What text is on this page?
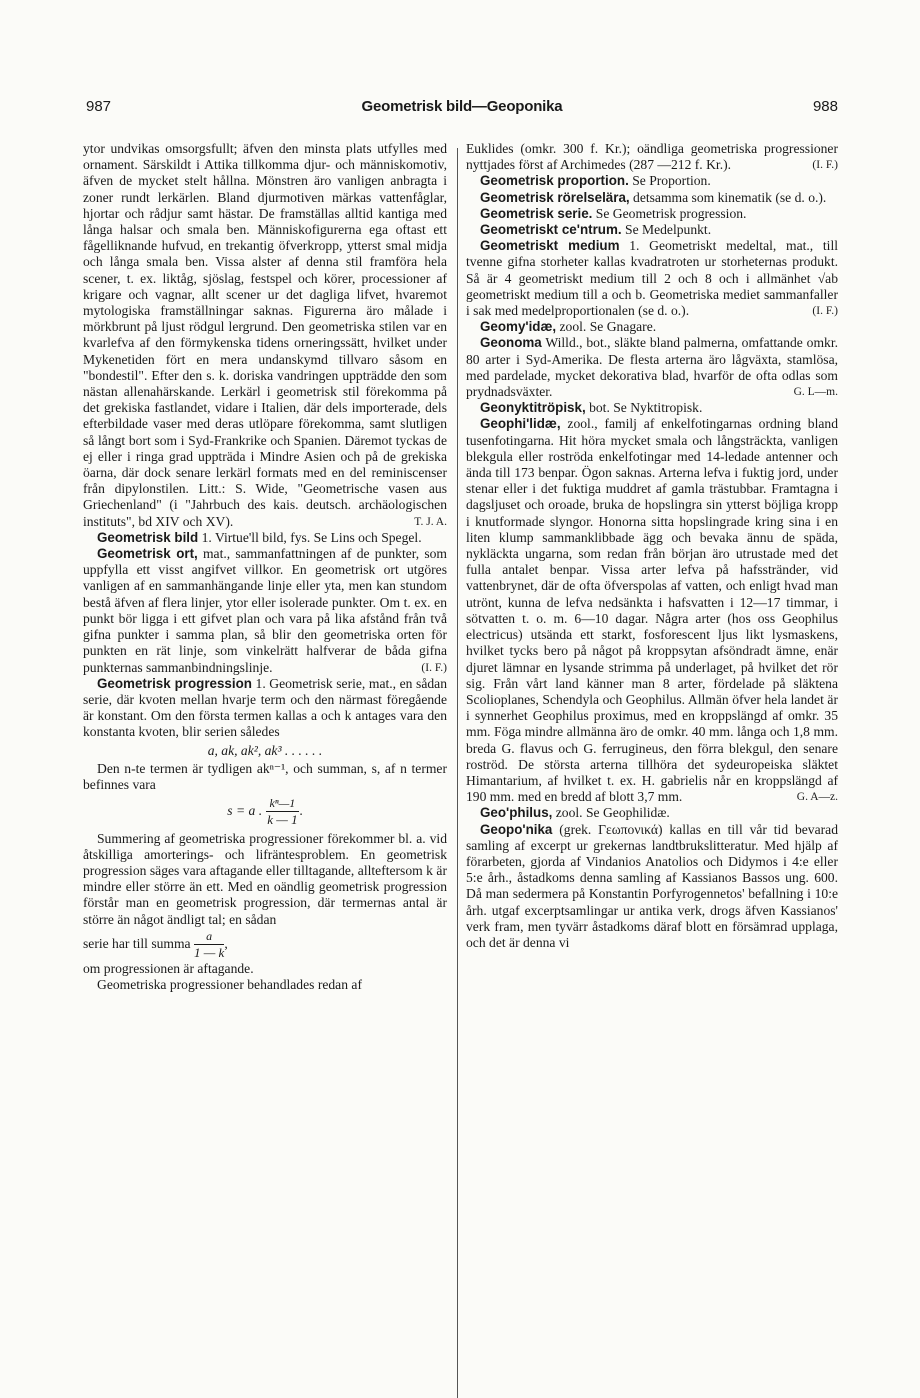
987	Geometrisk bild—Geoponika	988

ytor undvikas omsorgsfullt; äfven den minsta plats utfylles med ornament. Särskildt i Attika tillkomma djur- och människomotiv, äfven de mycket stelt hållna. Mönstren äro vanligen anbragta i zoner rundt lerkärlen. Bland djurmotiven märkas vattenfåglar, hjortar och rådjur samt hästar. De framställas alltid kantiga med långa halsar och smala ben. Människofigurerna ega oftast ett fågelliknande hufvud, en trekantig öfverkropp, ytterst smal midja och långa smala ben. Vissa alster af denna stil framföra hela scener, t. ex. liktåg, sjöslag, festspel och körer, processioner af krigare och vagnar, allt scener ur det dagliga lifvet, hvaremot mytologiska framställningar saknas. Figurerna äro målade i mörkbrunt på ljust rödgul lergrund. Den geometriska stilen var en kvarlefva af den förmykenska tidens orneringssätt, hvilket under Mykenetiden fört en mera undanskymd tillvaro såsom en "bondestil". Efter den s. k. doriska vandringen uppträdde den som nästan allenahärskande. Lerkärl i geometrisk stil förekomma på det grekiska fastlandet, vidare i Italien, där dels importerade, dels efterbildade vaser med deras utlöpare förekomma, samt slutligen så långt bort som i Syd-Frankrike och Spanien. Däremot tyckas de ej eller i ringa grad uppträda i Mindre Asien och på de grekiska öarna, där dock senare lerkärl formats med en del reminiscenser från dipylonstilen. Litt.: S. Wide, "Geometrische vasen aus Griechenland" (i "Jahrbuch des kais. deutsch. archäologischen instituts", bd XIV och XV).	T. J. A.

Geometrisk bild 1. Virtue'll bild, fys. Se Lins och Spegel.

Geometrisk ort, mat., sammanfattningen af de punkter, som uppfylla ett visst angifvet villkor. En geometrisk ort utgöres vanligen af en sammanhängande linje eller yta, men kan stundom bestå äfven af flera linjer, ytor eller isolerade punkter. Om t. ex. en punkt bör ligga i ett gifvet plan och vara på lika afstånd från två gifna punkter i samma plan, så blir den geometriska orten för punkten en rät linje, som vinkelrätt halfverar de båda gifna punkternas sammanbindningslinje.	(I. F.)

Geometrisk progression 1. Geometrisk serie, mat., en sådan serie, där kvoten mellan hvarje term och den närmast föregående är konstant. Om den första termen kallas a och k antages vara den konstanta kvoten, blir serien således

a, ak, ak², ak³ . . . . . .

Den n-te termen är tydligen akⁿ⁻¹, och summan, s, af n termer befinnes vara

s = a . $\frac{\text{kⁿ—1}}{k — 1}$ .

Summering af geometriska progressioner förekommer bl. a. vid åtskilliga amorterings- och lifräntesproblem. En geometrisk progression säges vara aftagande eller tilltagande, allteftersom k är mindre eller större än ett. Med en oändlig geometrisk progression förstår man en geometrisk progression, där termernas antal är större än något ändligt tal; en sådan

serie har till summa $\frac{a}{1 — k}$ ,

om progressionen är aftagande.

Geometriska progressioner behandlades redan af

Euklides (omkr. 300 f. Kr.); oändliga geometriska progressioner nyttjades först af Archimedes (287 —212 f. Kr.).	(I. F.)

Geometrisk proportion. Se Proportion.

Geometrisk rörelselära, detsamma som kinematik (se d. o.).

Geometrisk serie. Se Geometrisk progression.

Geometriskt ce'ntrum. Se Medelpunkt.

Geometriskt medium 1. Geometriskt medeltal, mat., till tvenne gifna storheter kallas kvadratroten ur storheternas produkt. Så är 4 geometriskt medium till 2 och 8 och i allmänhet √ab geometriskt medium till a och b. Geometriska mediet sammanfaller i sak med medelproportionalen (se d. o.).	(I. F.)

Geomy'idæ, zool. Se Gnagare.

Geonoma Willd., bot., släkte bland palmerna, omfattande omkr. 80 arter i Syd-Amerika. De flesta arterna äro lågväxta, stamlösa, med pardelade, mycket dekorativa blad, hvarför de ofta odlas som prydnadsväxter.	G. L—m.

Geonyktitröpisk, bot. Se Nyktitropisk.

Geophi'lidæ, zool., familj af enkelfotingarnas ordning bland tusenfotingarna. Hit höra mycket smala och långsträckta, vanligen blekgula eller roströda enkelfotingar med 14-ledade antenner och ända till 173 benpar. Ögon saknas. Arterna lefva i fuktig jord, under stenar eller i det fuktiga muddret af gamla trästubbar. Framtagna i dagsljuset och oroade, bruka de hopslingra sin ytterst böjliga kropp i knutformade slyngor. Honorna sitta hopslingrade kring sina i en liten klump sammanklibbade ägg och bevaka ännu de späda, nykläckta ungarna, som redan från början äro utrustade med det fulla antalet benpar. Vissa arter lefva på hafsstränder, vid vattenbrynet, där de ofta öfverspolas af vatten, och enligt hvad man utrönt, kunna de lefva nedsänkta i hafsvatten i 12—17 timmar, i sötvatten t. o. m. 6—10 dagar. Några arter (hos oss Geophilus electricus) utsända ett starkt, fosforescent ljus likt lysmaskens, hvilket tycks bero på något på kroppsytan afsöndradt ämne, enär djuret lämnar en lysande strimma på underlaget, på hvilket det rör sig. Från vårt land känner man 8 arter, fördelade på släktena Scolioplanes, Schendyla och Geophilus. Allmän öfver hela landet är i synnerhet Geophilus proximus, med en kroppslängd af omkr. 35 mm. Föga mindre allmänna äro de omkr. 40 mm. långa och 1,8 mm. breda G. flavus och G. ferrugineus, den förra blekgul, den senare roströd. De största arterna tillhöra det sydeuropeiska släktet Himantarium, af hvilket t. ex. H. gabrielis når en kroppslängd af 190 mm. med en bredd af blott 3,7 mm.	G. A—z.

Geo'philus, zool. Se Geophilidæ.

Geopo'nika (grek. Γεωπονικά) kallas en till vår tid bevarad samling af excerpt ur grekernas landtbrukslitteratur. Med hjälp af förarbeten, gjorda af Vindanios Anatolios och Didymos i 4:e eller 5:e årh., åstadkoms denna samling af Kassianos Bassos ung. 600. Då man sedermera på Konstantin Porfyrogennetos' befallning i 10:e årh. utgaf excerptsamlingar ur antika verk, drogs äfven Kassianos' verk fram, men tyvärr åstadkoms däraf blott en försämrad upplaga, och det är denna vi
